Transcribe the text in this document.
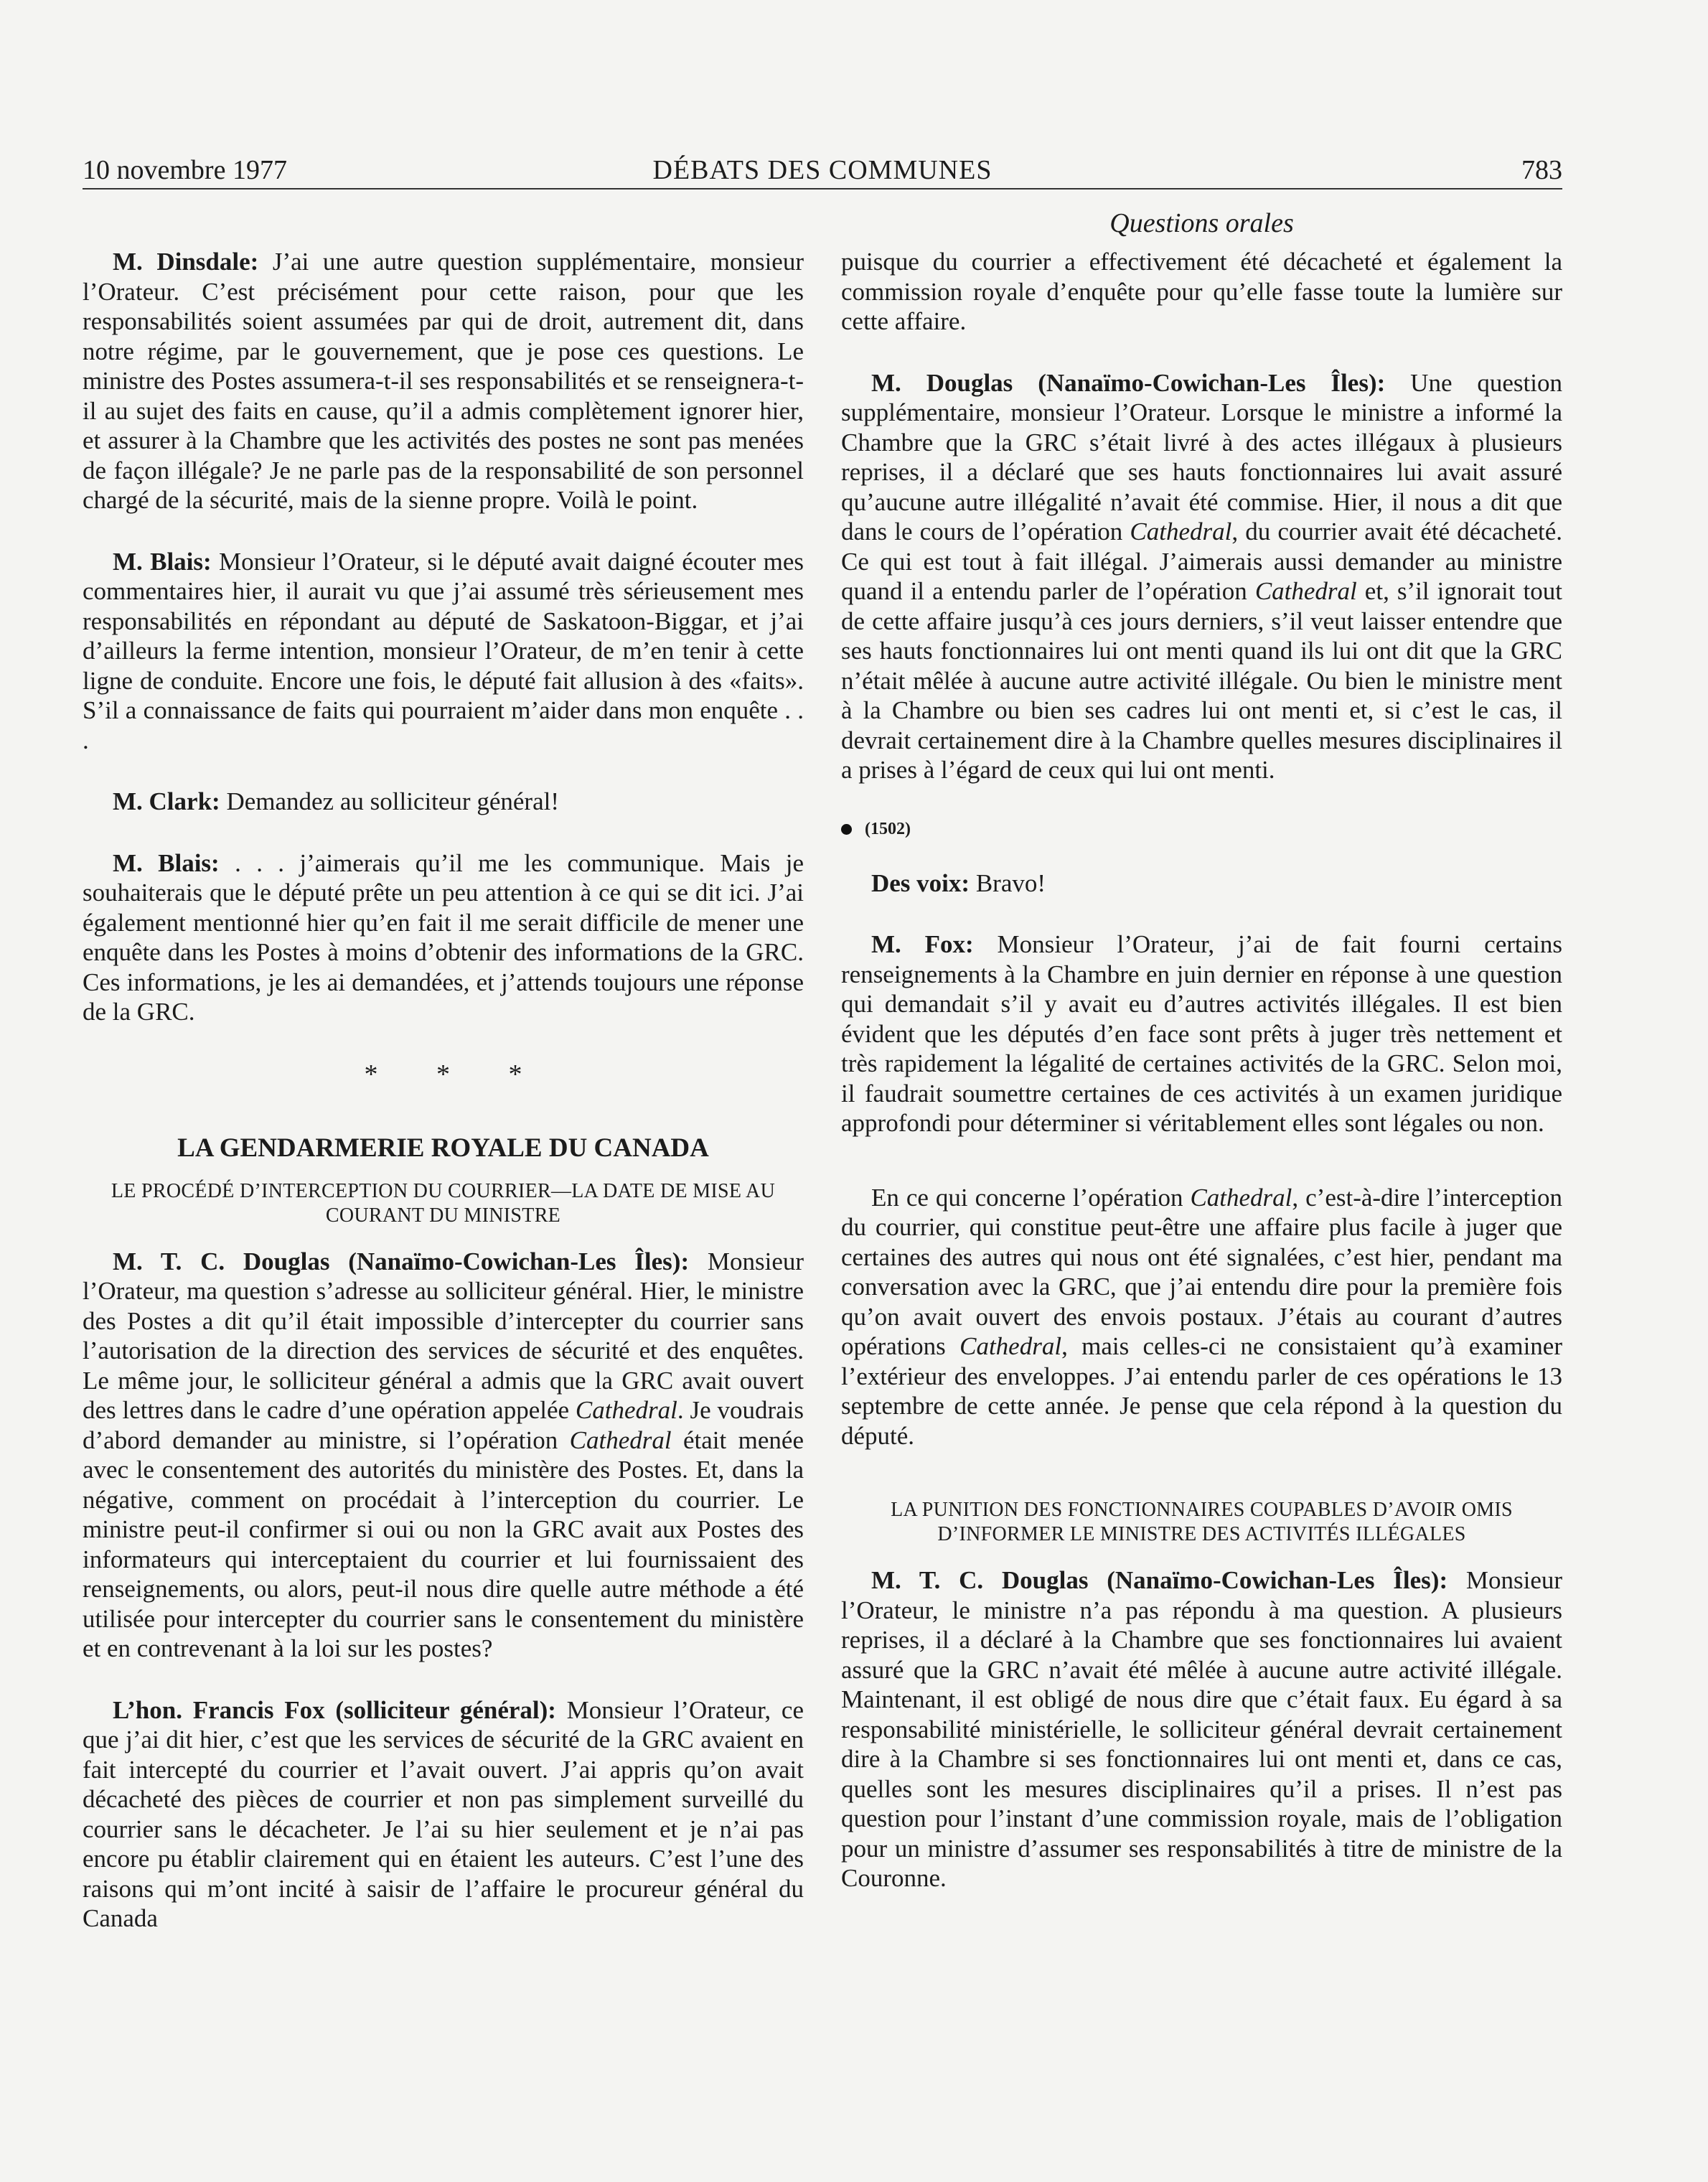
10 novembre 1977	DÉBATS DES COMMUNES	783
Questions orales

M. Dinsdale: J’ai une autre question supplémentaire, monsieur l’Orateur. C’est précisément pour cette raison, pour que les responsabilités soient assumées par qui de droit, autrement dit, dans notre régime, par le gouvernement, que je pose ces questions. Le ministre des Postes assumera-t-il ses responsabilités et se renseignera-t-il au sujet des faits en cause, qu’il a admis complètement ignorer hier, et assurer à la Chambre que les activités des postes ne sont pas menées de façon illégale? Je ne parle pas de la responsabilité de son personnel chargé de la sécurité, mais de la sienne propre. Voilà le point.

M. Blais: Monsieur l’Orateur, si le député avait daigné écouter mes commentaires hier, il aurait vu que j’ai assumé très sérieusement mes responsabilités en répondant au député de Saskatoon-Biggar, et j’ai d’ailleurs la ferme intention, monsieur l’Orateur, de m’en tenir à cette ligne de conduite. Encore une fois, le député fait allusion à des «faits». S’il a connaissance de faits qui pourraient m’aider dans mon enquête . . .

M. Clark: Demandez au solliciteur général!

M. Blais: . . . j’aimerais qu’il me les communique. Mais je souhaiterais que le député prête un peu attention à ce qui se dit ici. J’ai également mentionné hier qu’en fait il me serait difficile de mener une enquête dans les Postes à moins d’obtenir des informations de la GRC. Ces informations, je les ai demandées, et j’attends toujours une réponse de la GRC.

* * *
LA GENDARMERIE ROYALE DU CANADA
LE PROCÉDÉ D’INTERCEPTION DU COURRIER—LA DATE DE MISE AU COURANT DU MINISTRE

M. T. C. Douglas (Nanaïmo-Cowichan-Les Îles): Monsieur l’Orateur, ma question s’adresse au solliciteur général. Hier, le ministre des Postes a dit qu’il était impossible d’intercepter du courrier sans l’autorisation de la direction des services de sécurité et des enquêtes. Le même jour, le solliciteur général a admis que la GRC avait ouvert des lettres dans le cadre d’une opération appelée Cathedral. Je voudrais d’abord demander au ministre, si l’opération Cathedral était menée avec le consentement des autorités du ministère des Postes. Et, dans la négative, comment on procédait à l’interception du courrier. Le ministre peut-il confirmer si oui ou non la GRC avait aux Postes des informateurs qui interceptaient du courrier et lui fournissaient des renseignements, ou alors, peut-il nous dire quelle autre méthode a été utilisée pour intercepter du courrier sans le consentement du ministère et en contrevenant à la loi sur les postes?

L’hon. Francis Fox (solliciteur général): Monsieur l’Orateur, ce que j’ai dit hier, c’est que les services de sécurité de la GRC avaient en fait intercepté du courrier et l’avait ouvert. J’ai appris qu’on avait décacheté des pièces de courrier et non pas simplement surveillé du courrier sans le décacheter. Je l’ai su hier seulement et je n’ai pas encore pu établir clairement qui en étaient les auteurs. C’est l’une des raisons qui m’ont incité à saisir de l’affaire le procureur général du Canada

puisque du courrier a effectivement été décacheté et également la commission royale d’enquête pour qu’elle fasse toute la lumière sur cette affaire.

M. Douglas (Nanaïmo-Cowichan-Les Îles): Une question supplémentaire, monsieur l’Orateur. Lorsque le ministre a informé la Chambre que la GRC s’était livré à des actes illégaux à plusieurs reprises, il a déclaré que ses hauts fonctionnaires lui avait assuré qu’aucune autre illégalité n’avait été commise. Hier, il nous a dit que dans le cours de l’opération Cathedral, du courrier avait été décacheté. Ce qui est tout à fait illégal. J’aimerais aussi demander au ministre quand il a entendu parler de l’opération Cathedral et, s’il ignorait tout de cette affaire jusqu’à ces jours derniers, s’il veut laisser entendre que ses hauts fonctionnaires lui ont menti quand ils lui ont dit que la GRC n’était mêlée à aucune autre activité illégale. Ou bien le ministre ment à la Chambre ou bien ses cadres lui ont menti et, si c’est le cas, il devrait certainement dire à la Chambre quelles mesures disciplinaires il a prises à l’égard de ceux qui lui ont menti.

(1502)

Des voix: Bravo!

M. Fox: Monsieur l’Orateur, j’ai de fait fourni certains renseignements à la Chambre en juin dernier en réponse à une question qui demandait s’il y avait eu d’autres activités illégales. Il est bien évident que les députés d’en face sont prêts à juger très nettement et très rapidement la légalité de certaines activités de la GRC. Selon moi, il faudrait soumettre certaines de ces activités à un examen juridique approfondi pour déterminer si véritablement elles sont légales ou non.

En ce qui concerne l’opération Cathedral, c’est-à-dire l’interception du courrier, qui constitue peut-être une affaire plus facile à juger que certaines des autres qui nous ont été signalées, c’est hier, pendant ma conversation avec la GRC, que j’ai entendu dire pour la première fois qu’on avait ouvert des envois postaux. J’étais au courant d’autres opérations Cathedral, mais celles-ci ne consistaient qu’à examiner l’extérieur des enveloppes. J’ai entendu parler de ces opérations le 13 septembre de cette année. Je pense que cela répond à la question du député.

LA PUNITION DES FONCTIONNAIRES COUPABLES D’AVOIR OMIS D’INFORMER LE MINISTRE DES ACTIVITÉS ILLÉGALES

M. T. C. Douglas (Nanaïmo-Cowichan-Les Îles): Monsieur l’Orateur, le ministre n’a pas répondu à ma question. A plusieurs reprises, il a déclaré à la Chambre que ses fonctionnaires lui avaient assuré que la GRC n’avait été mêlée à aucune autre activité illégale. Maintenant, il est obligé de nous dire que c’était faux. Eu égard à sa responsabilité ministérielle, le solliciteur général devrait certainement dire à la Chambre si ses fonctionnaires lui ont menti et, dans ce cas, quelles sont les mesures disciplinaires qu’il a prises. Il n’est pas question pour l’instant d’une commission royale, mais de l’obligation pour un ministre d’assumer ses responsabilités à titre de ministre de la Couronne.
